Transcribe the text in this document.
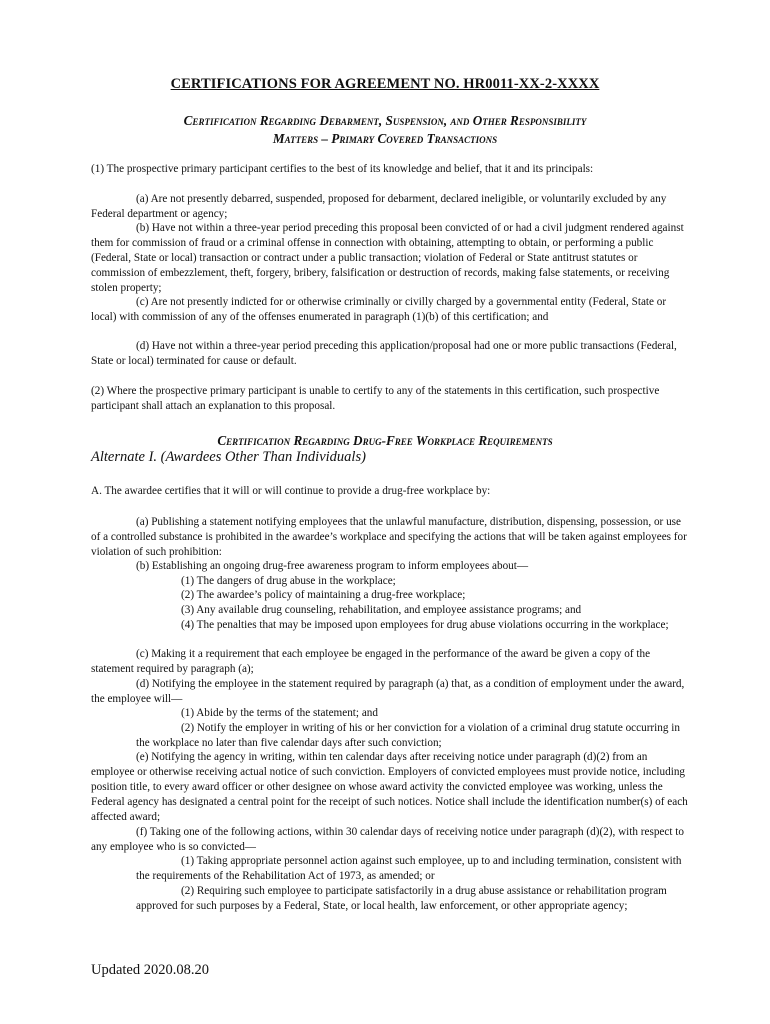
CERTIFICATIONS FOR AGREEMENT NO. HR0011-XX-2-XXXX
Certification Regarding Debarment, Suspension, and Other Responsibility
Matters – Primary Covered Transactions

(1) The prospective primary participant certifies to the best of its knowledge and belief, that it and its principals:

(a) Are not presently debarred, suspended, proposed for debarment, declared ineligible, or voluntarily excluded by any Federal department or agency;

(b) Have not within a three-year period preceding this proposal been convicted of or had a civil judgment rendered against them for commission of fraud or a criminal offense in connection with obtaining, attempting to obtain, or performing a public (Federal, State or local) transaction or contract under a public transaction; violation of Federal or State antitrust statutes or commission of embezzlement, theft, forgery, bribery, falsification or destruction of records, making false statements, or receiving stolen property;

(c) Are not presently indicted for or otherwise criminally or civilly charged by a governmental entity (Federal, State or local) with commission of any of the offenses enumerated in paragraph (1)(b) of this certification; and

(d) Have not within a three-year period preceding this application/proposal had one or more public transactions (Federal, State or local) terminated for cause or default.

(2) Where the prospective primary participant is unable to certify to any of the statements in this certification, such prospective participant shall attach an explanation to this proposal.

Certification Regarding Drug-Free Workplace Requirements
Alternate I. (Awardees Other Than Individuals)

A. The awardee certifies that it will or will continue to provide a drug-free workplace by:

(a) Publishing a statement notifying employees that the unlawful manufacture, distribution, dispensing, possession, or use of a controlled substance is prohibited in the awardee’s workplace and specifying the actions that will be taken against employees for violation of such prohibition:

(b) Establishing an ongoing drug-free awareness program to inform employees about—

(1) The dangers of drug abuse in the workplace;

(2) The awardee’s policy of maintaining a drug-free workplace;

(3) Any available drug counseling, rehabilitation, and employee assistance programs; and

(4) The penalties that may be imposed upon employees for drug abuse violations occurring in the workplace;

(c) Making it a requirement that each employee be engaged in the performance of the award be given a copy of the statement required by paragraph (a);

(d) Notifying the employee in the statement required by paragraph (a) that, as a condition of employment under the award, the employee will—

(1) Abide by the terms of the statement; and

(2) Notify the employer in writing of his or her conviction for a violation of a criminal drug statute occurring in the workplace no later than five calendar days after such conviction;

(e) Notifying the agency in writing, within ten calendar days after receiving notice under paragraph (d)(2) from an employee or otherwise receiving actual notice of such conviction. Employers of convicted employees must provide notice, including position title, to every award officer or other designee on whose award activity the convicted employee was working, unless the Federal agency has designated a central point for the receipt of such notices. Notice shall include the identification number(s) of each affected award;

(f) Taking one of the following actions, within 30 calendar days of receiving notice under paragraph (d)(2), with respect to any employee who is so convicted—

(1) Taking appropriate personnel action against such employee, up to and including termination, consistent with the requirements of the Rehabilitation Act of 1973, as amended; or

(2) Requiring such employee to participate satisfactorily in a drug abuse assistance or rehabilitation program approved for such purposes by a Federal, State, or local health, law enforcement, or other appropriate agency;

Updated 2020.08.20
